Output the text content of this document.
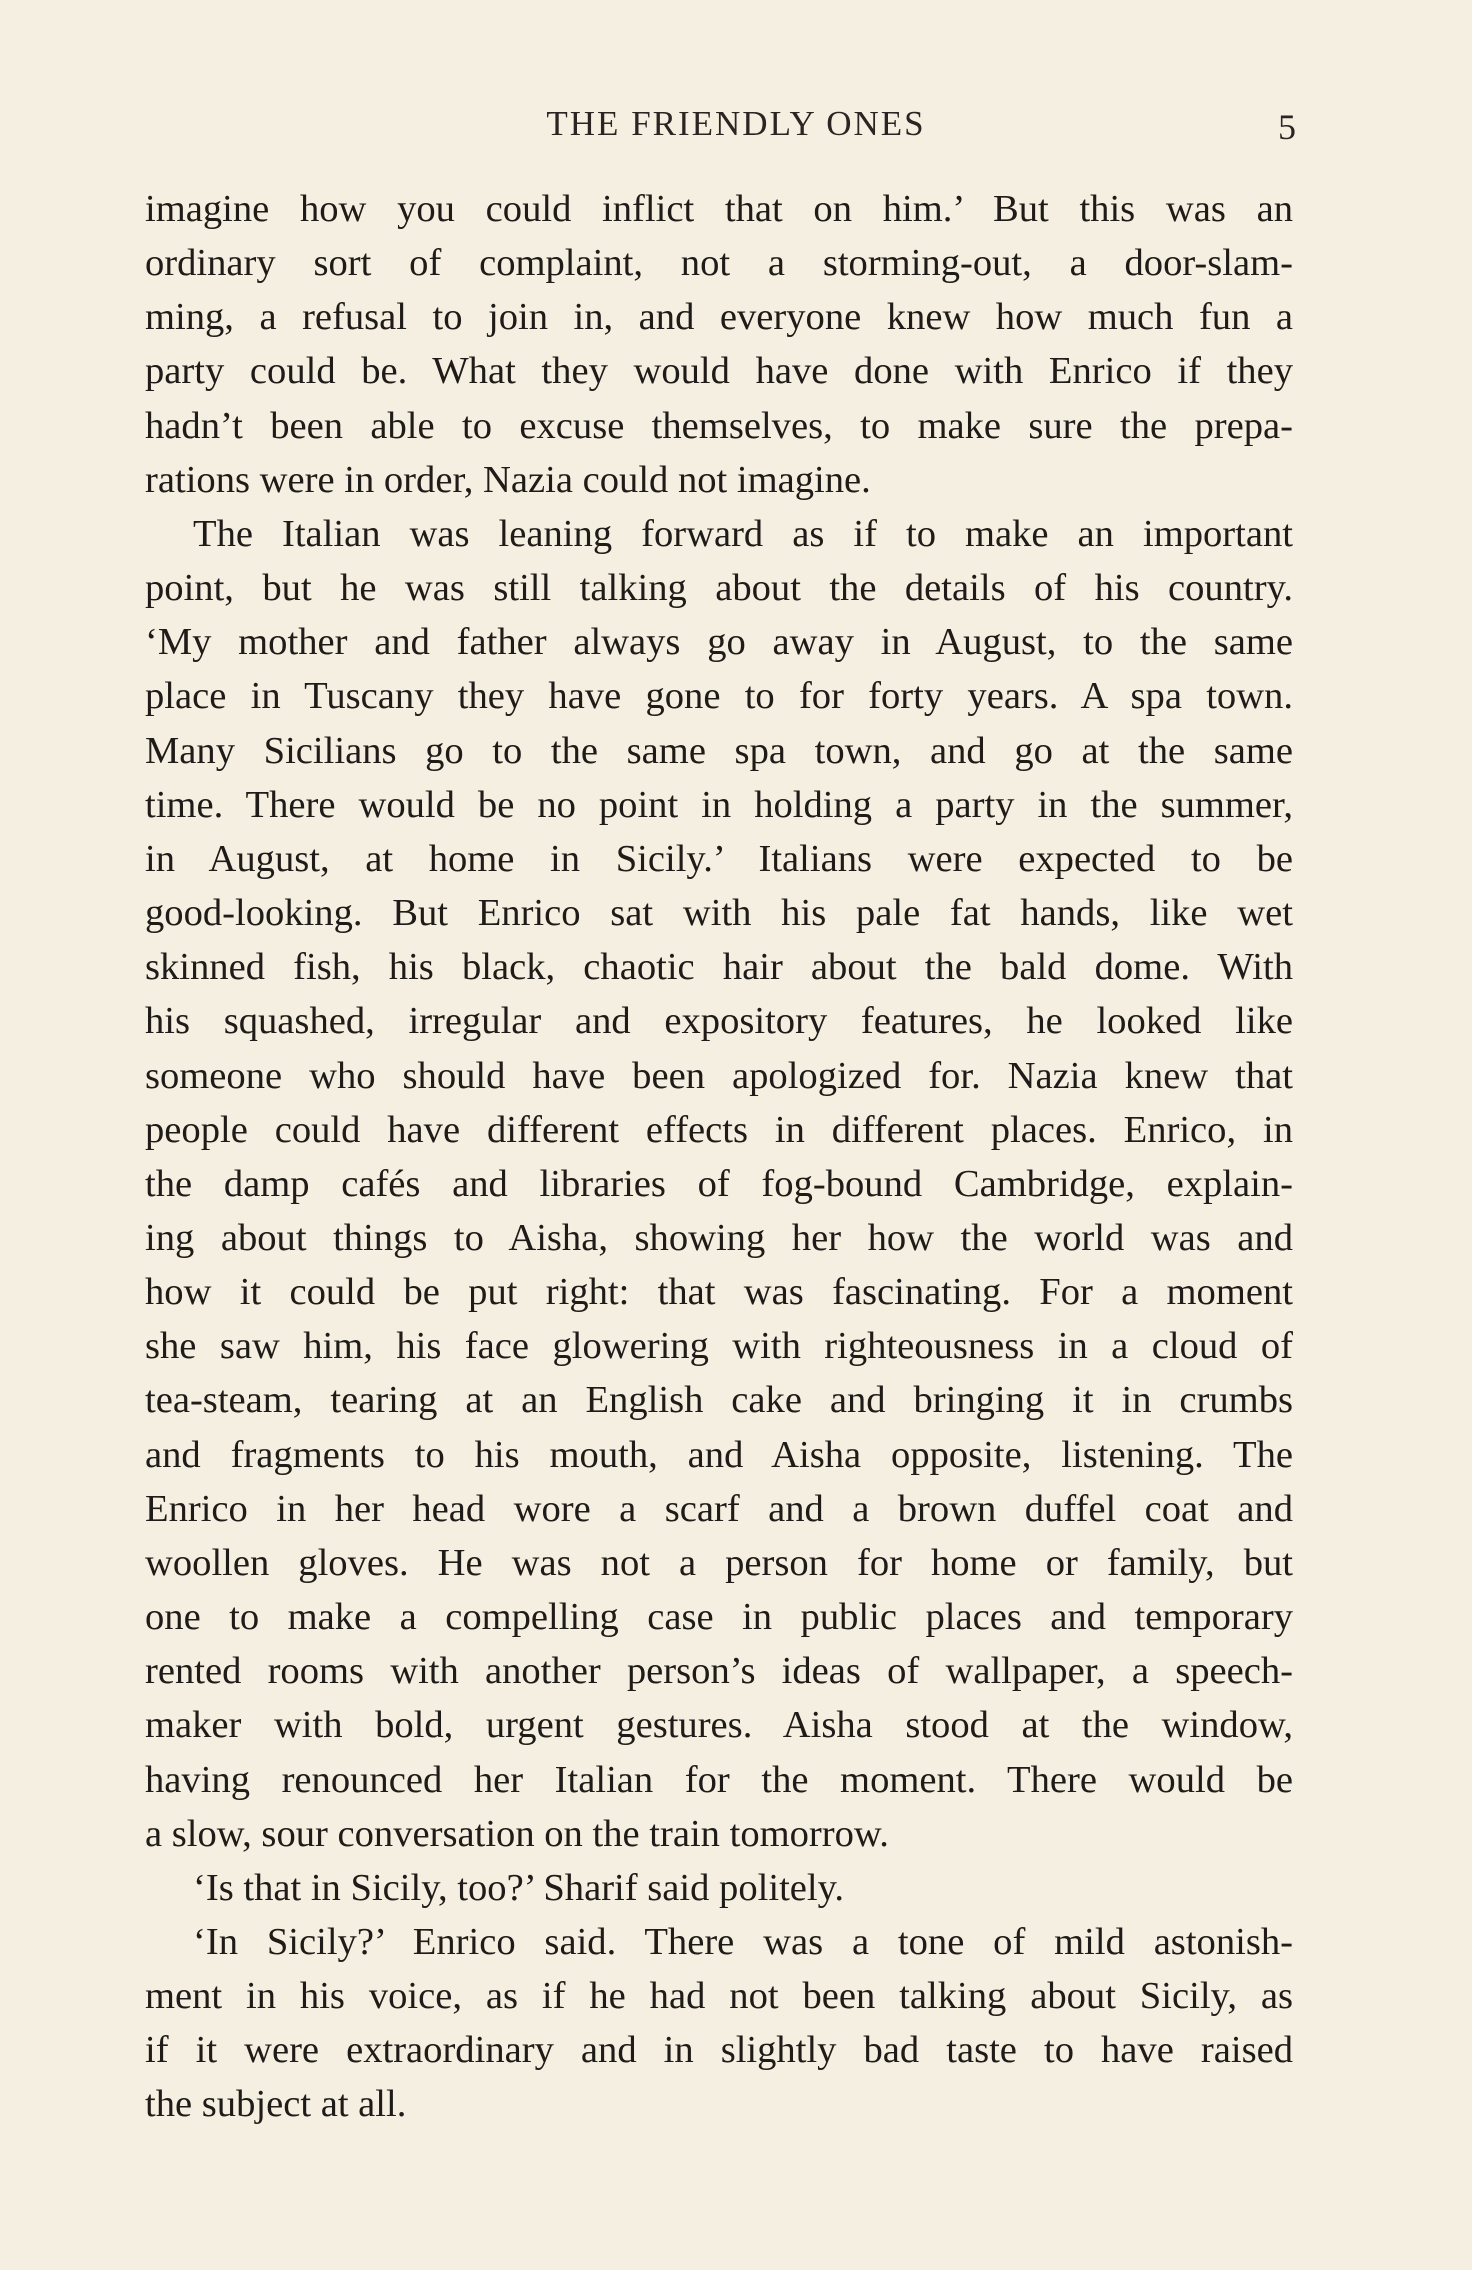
THE FRIENDLY ONES	5

imagine how you could inflict that on him.’ But this was an
ordinary sort of complaint, not a storming-out, a door-slam-
ming, a refusal to join in, and everyone knew how much fun a
party could be. What they would have done with Enrico if they
hadn’t been able to excuse themselves, to make sure the prepa-
rations were in order, Nazia could not imagine.

The Italian was leaning forward as if to make an important
point, but he was still talking about the details of his country.
‘My mother and father always go away in August, to the same
place in Tuscany they have gone to for forty years. A spa town.
Many Sicilians go to the same spa town, and go at the same
time. There would be no point in holding a party in the summer,
in August, at home in Sicily.’ Italians were expected to be
good-looking. But Enrico sat with his pale fat hands, like wet
skinned fish, his black, chaotic hair about the bald dome. With
his squashed, irregular and expository features, he looked like
someone who should have been apologized for. Nazia knew that
people could have different effects in different places. Enrico, in
the damp cafés and libraries of fog-bound Cambridge, explain-
ing about things to Aisha, showing her how the world was and
how it could be put right: that was fascinating. For a moment
she saw him, his face glowering with righteousness in a cloud of
tea-steam, tearing at an English cake and bringing it in crumbs
and fragments to his mouth, and Aisha opposite, listening. The
Enrico in her head wore a scarf and a brown duffel coat and
woollen gloves. He was not a person for home or family, but
one to make a compelling case in public places and temporary
rented rooms with another person’s ideas of wallpaper, a speech-
maker with bold, urgent gestures. Aisha stood at the window,
having renounced her Italian for the moment. There would be
a slow, sour conversation on the train tomorrow.

‘Is that in Sicily, too?’ Sharif said politely.

‘In Sicily?’ Enrico said. There was a tone of mild astonish-
ment in his voice, as if he had not been talking about Sicily, as
if it were extraordinary and in slightly bad taste to have raised
the subject at all.
